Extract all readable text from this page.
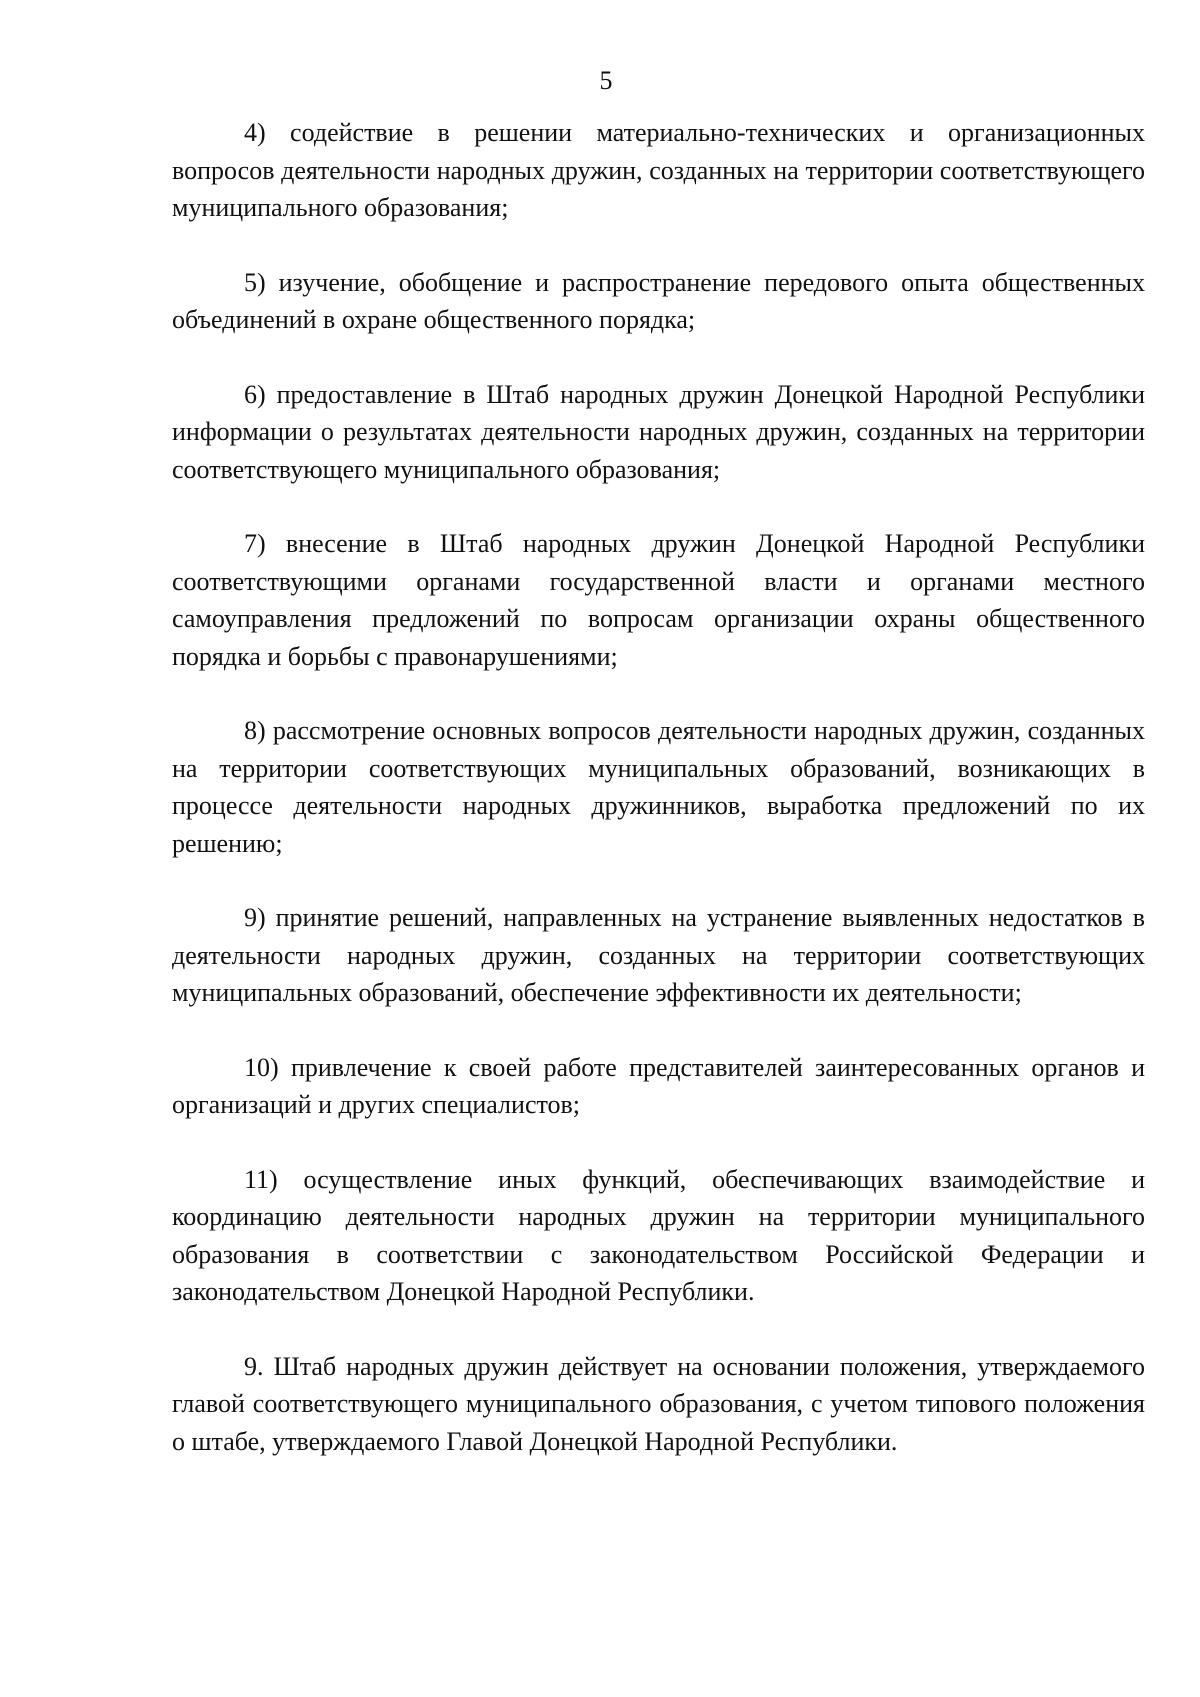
5

4) содействие в решении материально-технических и организационных вопросов деятельности народных дружин, созданных на территории соответствующего муниципального образования;

5) изучение, обобщение и распространение передового опыта общественных объединений в охране общественного порядка;

6) предоставление в Штаб народных дружин Донецкой Народной Республики информации о результатах деятельности народных дружин, созданных на территории соответствующего муниципального образования;

7) внесение в Штаб народных дружин Донецкой Народной Республики соответствующими органами государственной власти и органами местного самоуправления предложений по вопросам организации охраны общественного порядка и борьбы с правонарушениями;

8) рассмотрение основных вопросов деятельности народных дружин, созданных на территории соответствующих муниципальных образований, возникающих в процессе деятельности народных дружинников, выработка предложений по их решению;

9) принятие решений, направленных на устранение выявленных недостатков в деятельности народных дружин, созданных на территории соответствующих муниципальных образований, обеспечение эффективности их деятельности;

10) привлечение к своей работе представителей заинтересованных органов и организаций и других специалистов;

11) осуществление иных функций, обеспечивающих взаимодействие и координацию деятельности народных дружин на территории муниципального образования в соответствии с законодательством Российской Федерации и законодательством Донецкой Народной Республики.

9. Штаб народных дружин действует на основании положения, утверждаемого главой соответствующего муниципального образования, с учетом типового положения о штабе, утверждаемого Главой Донецкой Народной Республики.
